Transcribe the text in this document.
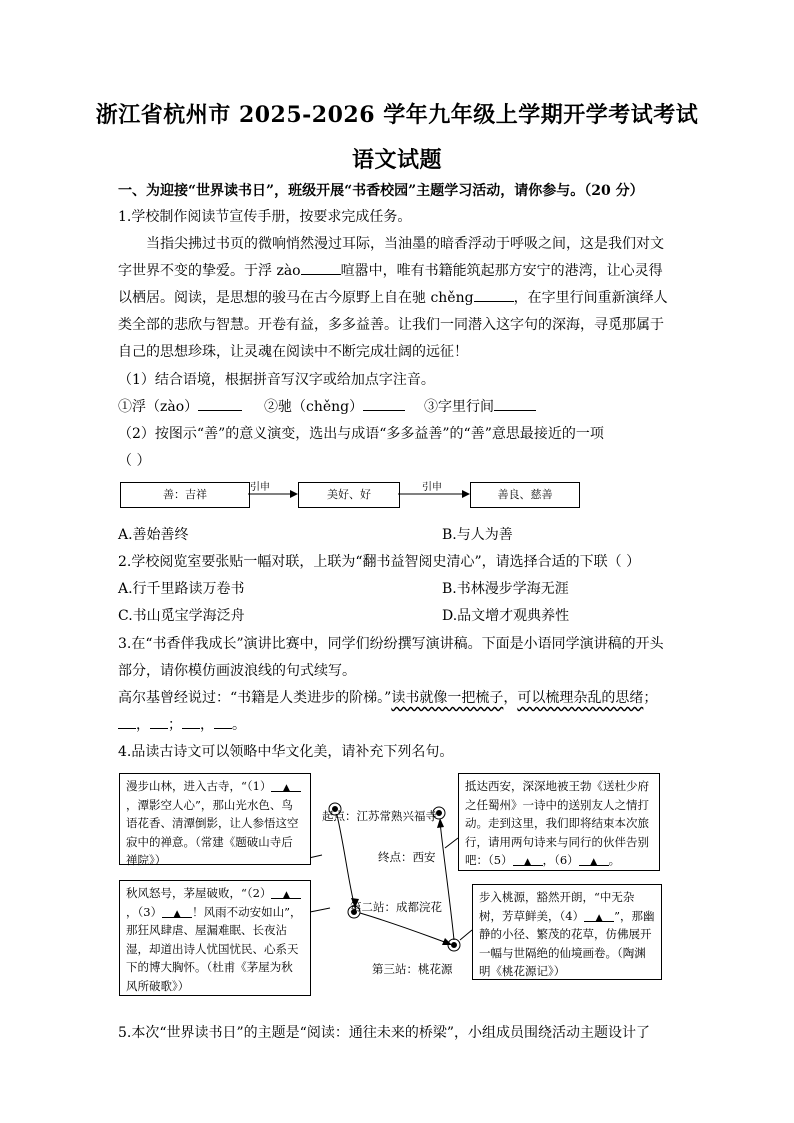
浙江省杭州市 2025-2026 学年九年级上学期开学考试考试
语文试题
一、为迎接“世界读书日”，班级开展“书香校园”主题学习活动，请你参与。（20 分）
1.学校制作阅读节宣传手册，按要求完成任务。
当指尖拂过书页的微响悄然漫过耳际，当油墨的暗香浮动于呼吸之间，这是我们对文
字世界不变的挚爱。于浮 zào	喧嚣中，唯有书籍能筑起那方安宁的港湾，让心灵得
以栖居。阅读，是思想的骏马在古今原野上自在驰 chěng	，在字里行间重新演绎人
类全部的悲欣与智慧。开卷有益，多多益善。让我们一同潜入这字句的深海，寻觅那属于
自己的思想珍珠，让灵魂在阅读中不断完成壮阔的远征！
（1）结合语境，根据拼音写汉字或给加点字注音。
①浮（zào）	②驰（chěng）	③字里行间
（2）按图示“善”的意义演变，选出与成语“多多益善”的“善”意思最接近的一项
（ ）
善：吉祥	美好、好	善良、慈善
引申	引申
A.善始善终	B.与人为善
2.学校阅览室要张贴一幅对联，上联为“翻书益智阅史清心”，请选择合适的下联（ ）
A.行千里路读万卷书	B.书林漫步学海无涯
C.书山觅宝学海泛舟	D.品文增才观典养性
3.在“书香伴我成长”演讲比赛中，同学们纷纷撰写演讲稿。下面是小语同学演讲稿的开头
部分，请你模仿画波浪线的句式续写。
高尔基曾经说过：“书籍是人类进步的阶梯。”读书就像一把梳子，可以梳理杂乱的思绪；
， ； ， 。
4.品读古诗文可以领略中华文化美，请补充下列名句。
起点：江苏常熟兴福寺
第二站：成都浣花
第三站：桃花源
终点：西安
漫步山林，进入古寺，“（1） ▲，潭影空人心”，那山光水色、鸟语花香、清潭倒影，让人参悟这空寂中的禅意。（常建《题破山寺后禅院》）
秋风怒号，茅屋破败，“（2） ▲，（3） ▲ ！风雨不动安如山”，那狂风肆虐、屋漏难眠、长夜沾湿，却道出诗人忧国忧民、心系天下的博大胸怀。（杜甫《茅屋为秋风所破歌》）
抵达西安，深深地被王勃《送杜少府之任蜀州》一诗中的送别友人之情打动。走到这里，我们即将结束本次旅行，请用两句诗来与同行的伙伴告别吧：（5） ▲ ，（6） ▲ 。
步入桃源，豁然开朗，“中无杂树，芳草鲜美，（4） ▲ ”，那幽静的小径、繁茂的花草，仿佛展开一幅与世隔绝的仙境画卷。（陶渊明《桃花源记》）
5.本次“世界读书日”的主题是“阅读：通往未来的桥梁”，小组成员围绕活动主题设计了
